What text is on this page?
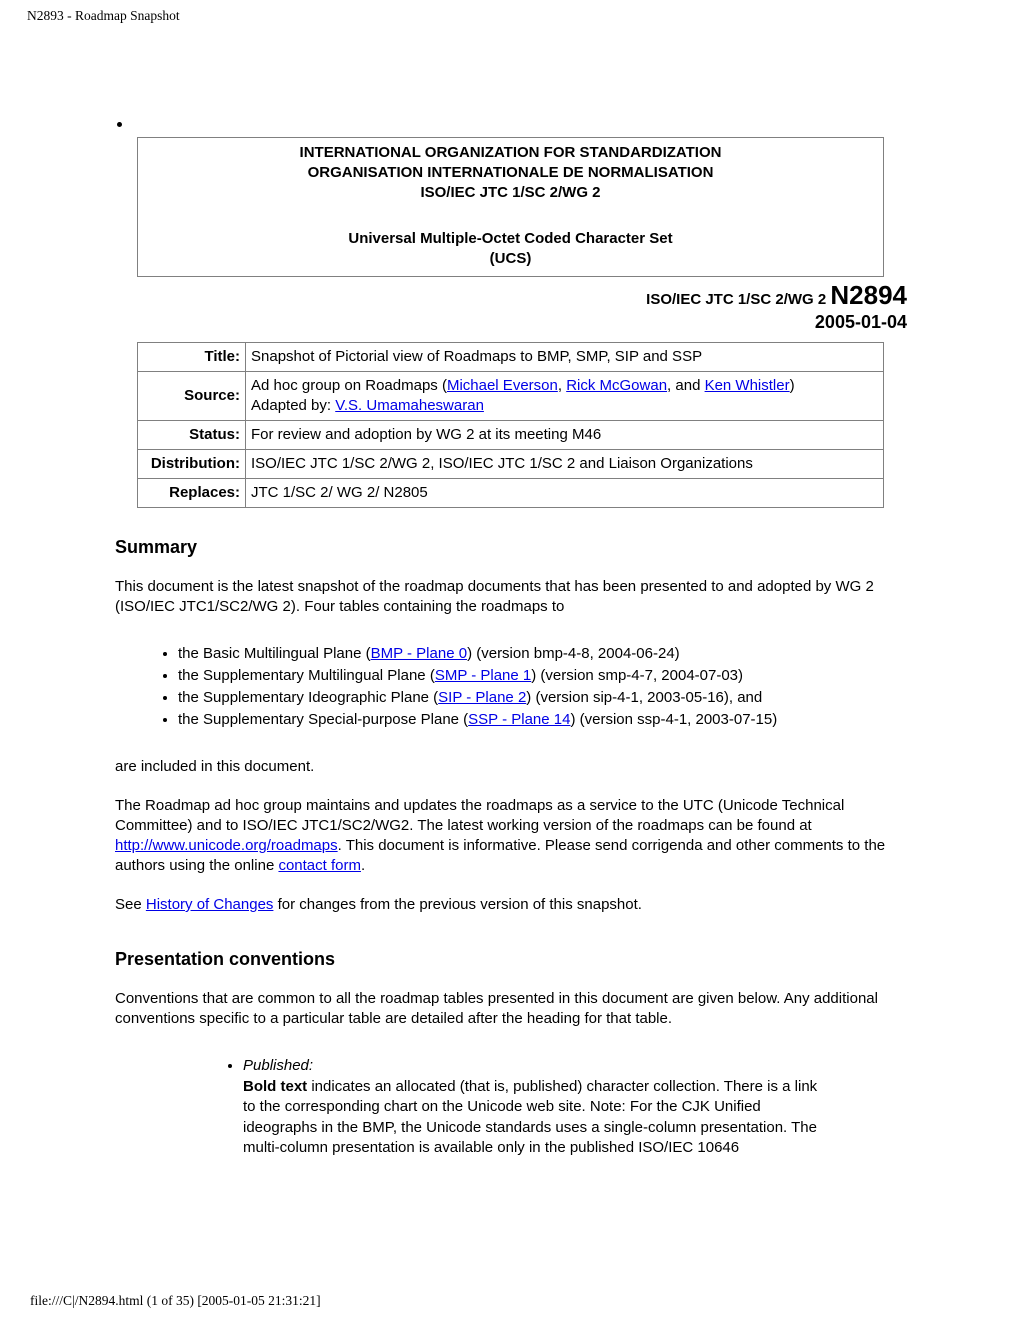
N2893 - Roadmap Snapshot
INTERNATIONAL ORGANIZATION FOR STANDARDIZATION
ORGANISATION INTERNATIONALE DE NORMALISATION
ISO/IEC JTC 1/SC 2/WG 2
Universal Multiple-Octet Coded Character Set
(UCS)
ISO/IEC JTC 1/SC 2/WG 2 N2894
2005-01-04
Title:	Snapshot of Pictorial view of Roadmaps to BMP, SMP, SIP and SSP
Source:	Ad hoc group on Roadmaps (Michael Everson, Rick McGowan, and Ken Whistler)
Adapted by: V.S. Umamaheswaran

Status:	For review and adoption by WG 2 at its meeting M46
Distribution:	ISO/IEC JTC 1/SC 2/WG 2, ISO/IEC JTC 1/SC 2 and Liaison Organizations
Replaces:	JTC 1/SC 2/ WG 2/ N2805
Summary

This document is the latest snapshot of the roadmap documents that has been presented to and adopted by WG 2 (ISO/IEC JTC1/SC2/WG 2). Four tables containing the roadmaps to

• the Basic Multilingual Plane (BMP - Plane 0) (version bmp-4-8, 2004-06-24)
• the Supplementary Multilingual Plane (SMP - Plane 1) (version smp-4-7, 2004-07-03)
• the Supplementary Ideographic Plane (SIP - Plane 2) (version sip-4-1, 2003-05-16), and
• the Supplementary Special-purpose Plane (SSP - Plane 14) (version ssp-4-1, 2003-07-15)

are included in this document.

The Roadmap ad hoc group maintains and updates the roadmaps as a service to the UTC (Unicode Technical Committee) and to ISO/IEC JTC1/SC2/WG2. The latest working version of the roadmaps can be found at http://www.unicode.org/roadmaps. This document is informative. Please send corrigenda and other comments to the authors using the online contact form.

See History of Changes for changes from the previous version of this snapshot.

Presentation conventions

Conventions that are common to all the roadmap tables presented in this document are given below. Any additional conventions specific to a particular table are detailed after the heading for that table.

• Published:
Bold text indicates an allocated (that is, published) character collection. There is a link to the corresponding chart on the Unicode web site. Note: For the CJK Unified ideographs in the BMP, the Unicode standards uses a single-column presentation. The multi-column presentation is available only in the published ISO/IEC 10646
file:///C|/N2894.html (1 of 35) [2005-01-05 21:31:21]
